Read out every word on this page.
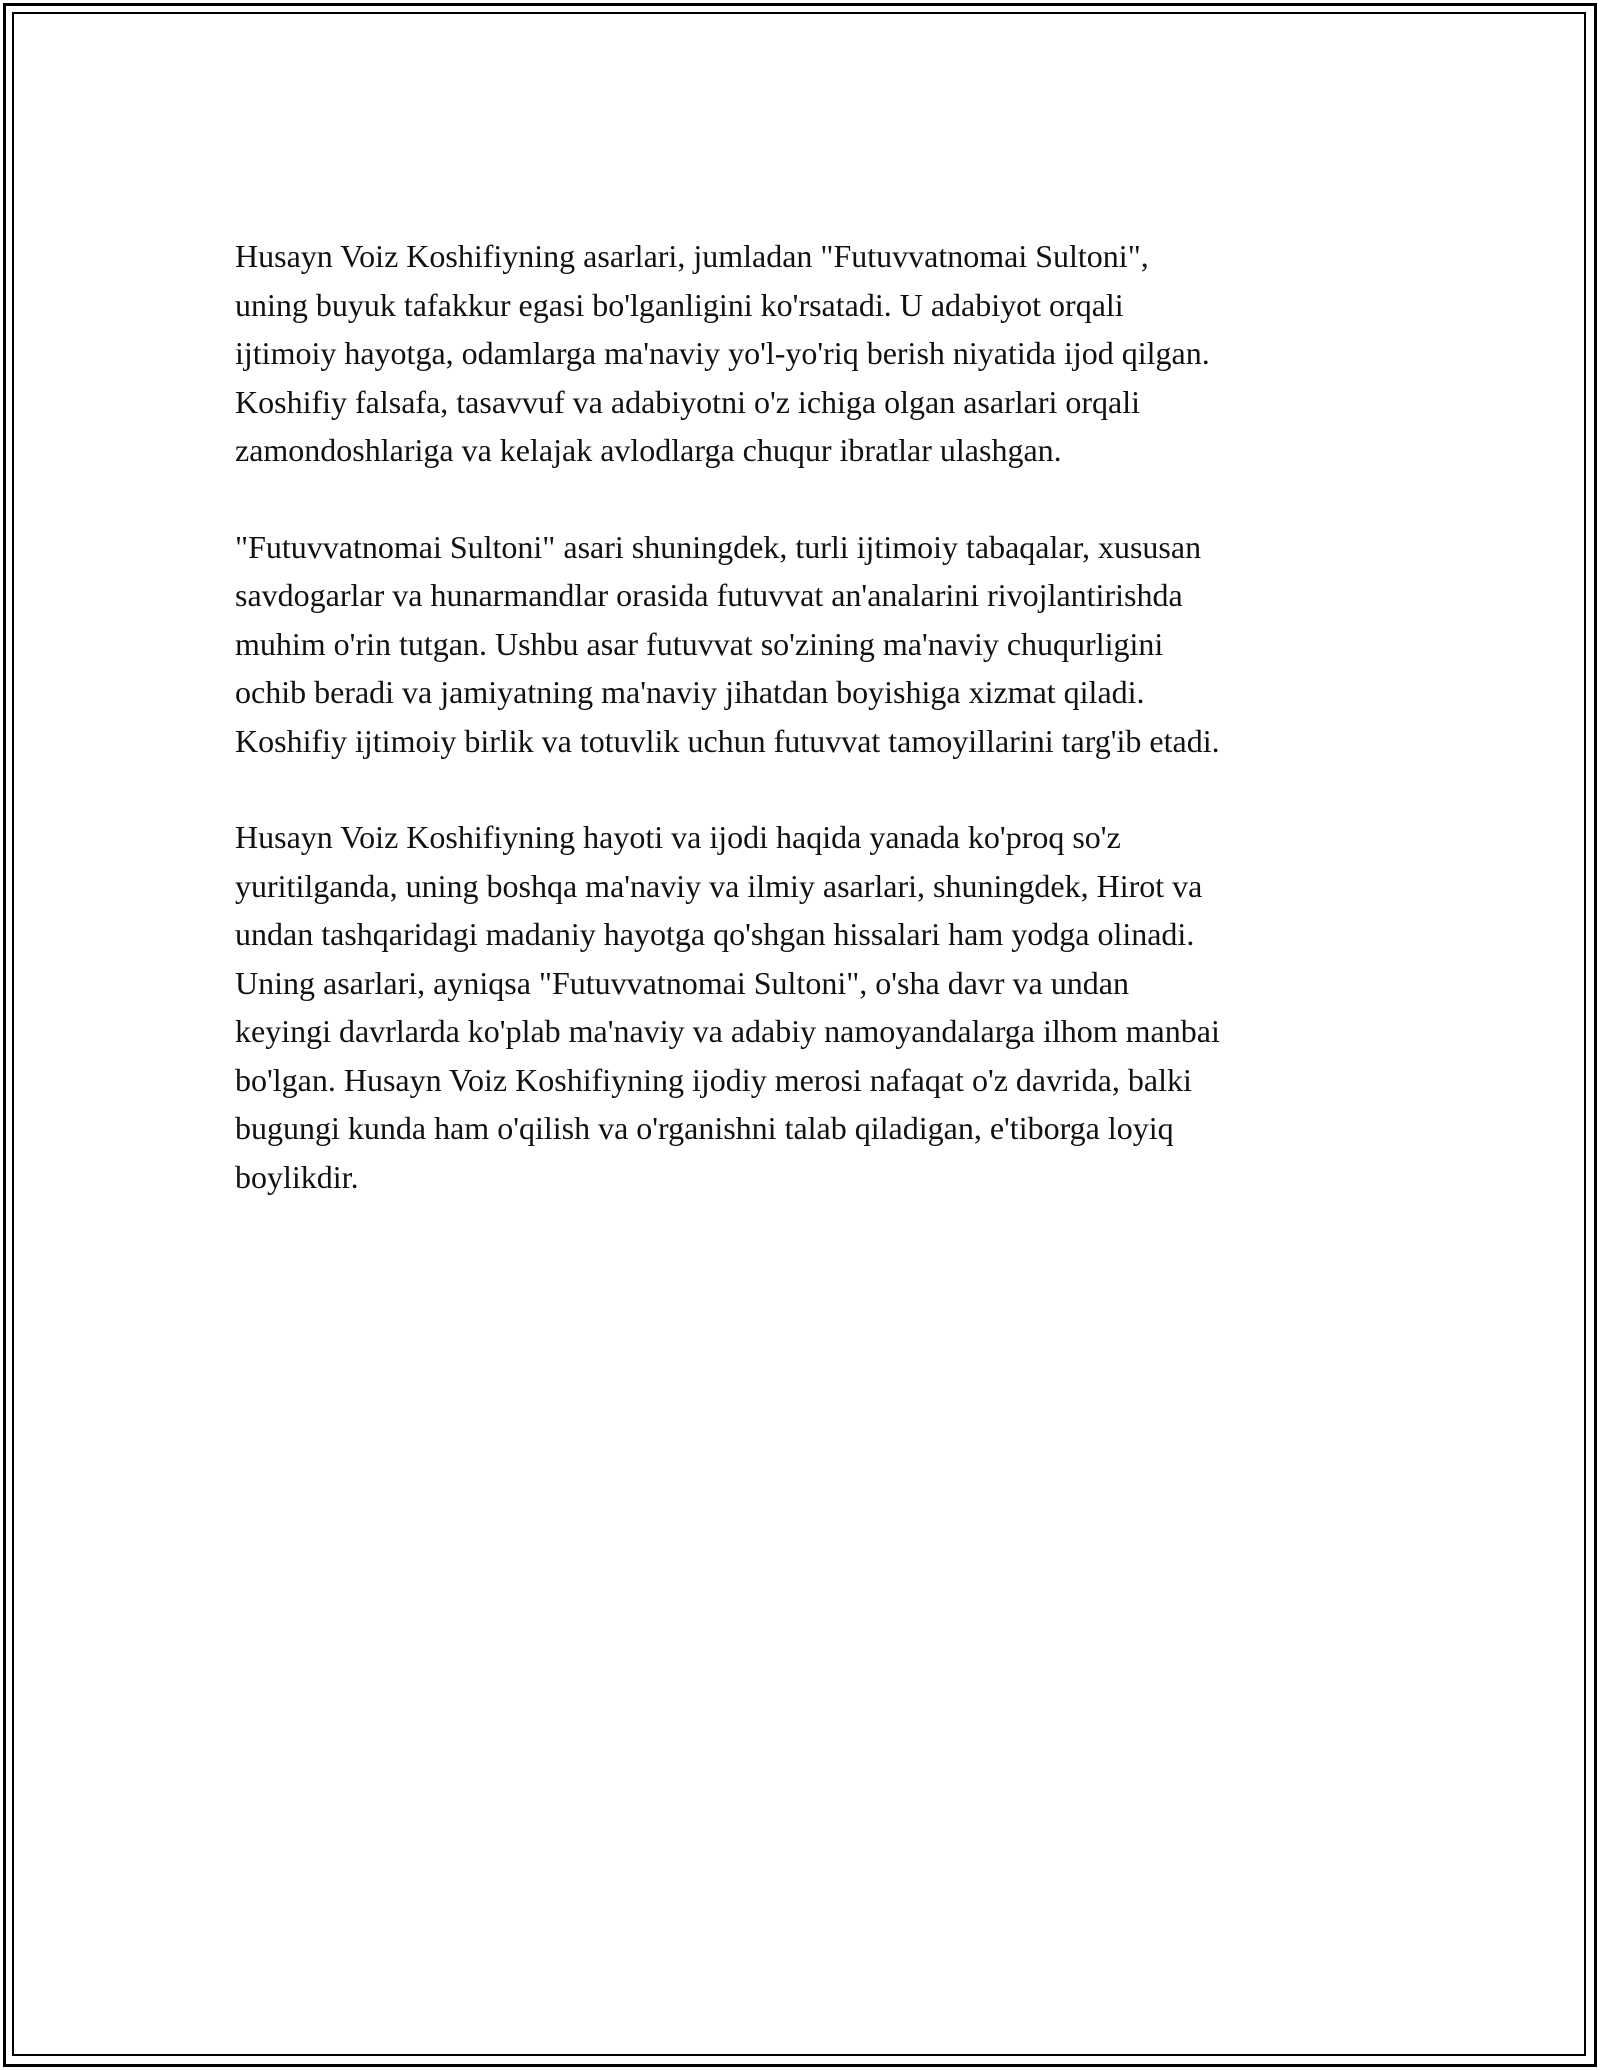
Husayn Voiz Koshifiyning asarlari, jumladan "Futuvvatnomai Sultoni",
uning buyuk tafakkur egasi bo'lganligini ko'rsatadi. U adabiyot orqali
ijtimoiy hayotga, odamlarga ma'naviy yo'l-yo'riq berish niyatida ijod qilgan.
Koshifiy falsafa, tasavvuf va adabiyotni o'z ichiga olgan asarlari orqali
zamondoshlariga va kelajak avlodlarga chuqur ibratlar ulashgan.

"Futuvvatnomai Sultoni" asari shuningdek, turli ijtimoiy tabaqalar, xususan
savdogarlar va hunarmandlar orasida futuvvat an'analarini rivojlantirishda
muhim o'rin tutgan. Ushbu asar futuvvat so'zining ma'naviy chuqurligini
ochib beradi va jamiyatning ma'naviy jihatdan boyishiga xizmat qiladi.
Koshifiy ijtimoiy birlik va totuvlik uchun futuvvat tamoyillarini targ'ib etadi.

Husayn Voiz Koshifiyning hayoti va ijodi haqida yanada ko'proq so'z
yuritilganda, uning boshqa ma'naviy va ilmiy asarlari, shuningdek, Hirot va
undan tashqaridagi madaniy hayotga qo'shgan hissalari ham yodga olinadi.
Uning asarlari, ayniqsa "Futuvvatnomai Sultoni", o'sha davr va undan
keyingi davrlarda ko'plab ma'naviy va adabiy namoyandalarga ilhom manbai
bo'lgan. Husayn Voiz Koshifiyning ijodiy merosi nafaqat o'z davrida, balki
bugungi kunda ham o'qilish va o'rganishni talab qiladigan, e'tiborga loyiq
boylikdir.
